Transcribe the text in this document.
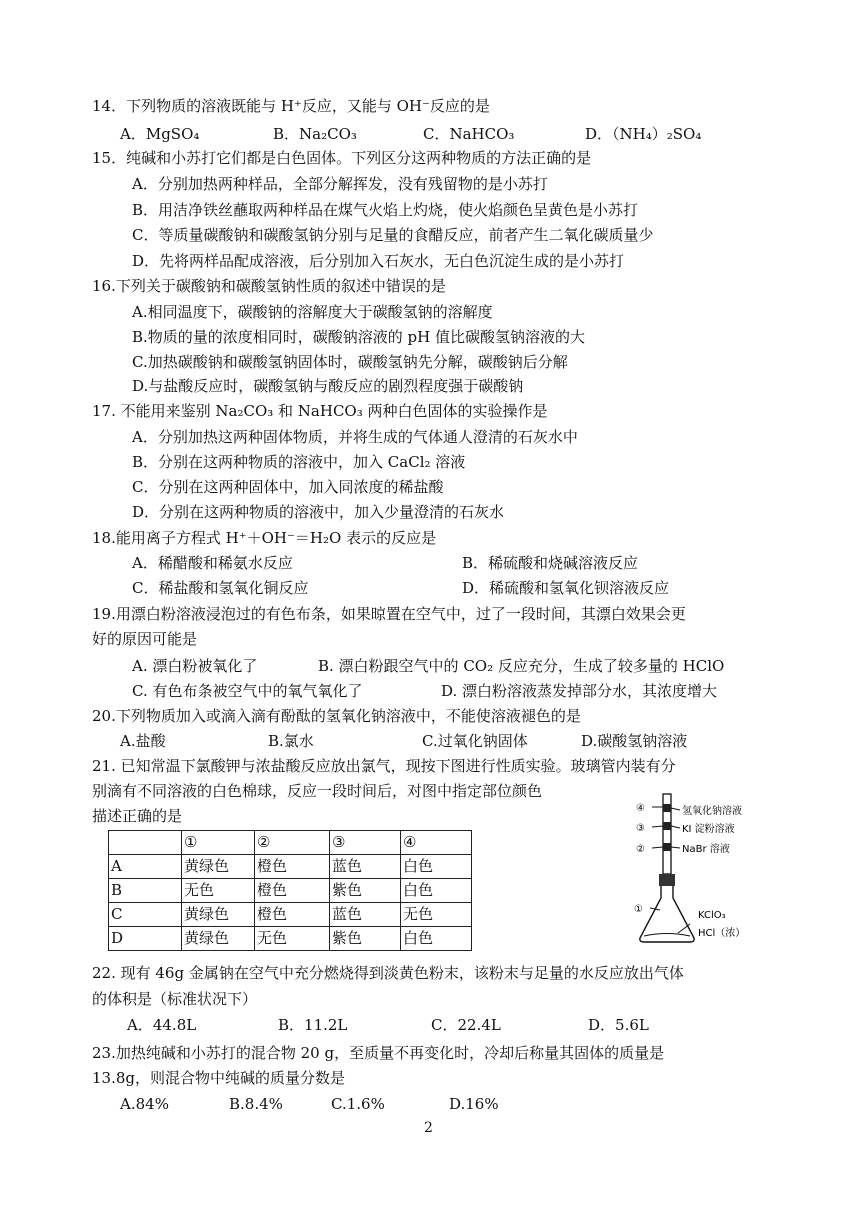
14．下列物质的溶液既能与 H⁺反应，又能与 OH⁻反应的是
A．MgSO₄	B．Na₂CO₃	C．NaHCO₃	D．（NH₄）₂SO₄
15．纯碱和小苏打它们都是白色固体。下列区分这两种物质的方法正确的是
A．分别加热两种样品，全部分解挥发，没有残留物的是小苏打
B．用洁净铁丝蘸取两种样品在煤气火焰上灼烧，使火焰颜色呈黄色是小苏打
C．等质量碳酸钠和碳酸氢钠分别与足量的食醋反应，前者产生二氧化碳质量少
D．先将两样品配成溶液，后分别加入石灰水，无白色沉淀生成的是小苏打
16.下列关于碳酸钠和碳酸氢钠性质的叙述中错误的是
A.相同温度下，碳酸钠的溶解度大于碳酸氢钠的溶解度
B.物质的量的浓度相同时，碳酸钠溶液的 pH 值比碳酸氢钠溶液的大
C.加热碳酸钠和碳酸氢钠固体时，碳酸氢钠先分解，碳酸钠后分解
D.与盐酸反应时，碳酸氢钠与酸反应的剧烈程度强于碳酸钠
17. 不能用来鉴别 Na₂CO₃ 和 NaHCO₃ 两种白色固体的实验操作是
A．分别加热这两种固体物质，并将生成的气体通人澄清的石灰水中
B．分别在这两种物质的溶液中，加入 CaCl₂ 溶液
C．分别在这两种固体中，加入同浓度的稀盐酸
D．分别在这两种物质的溶液中，加入少量澄清的石灰水
18.能用离子方程式 H⁺＋OH⁻＝H₂O 表示的反应是
A．稀醋酸和稀氨水反应	B．稀硫酸和烧碱溶液反应
C．稀盐酸和氢氧化铜反应	D．稀硫酸和氢氧化钡溶液反应
19.用漂白粉溶液浸泡过的有色布条，如果晾置在空气中，过了一段时间，其漂白效果会更
好的原因可能是
A. 漂白粉被氧化了	B. 漂白粉跟空气中的 CO₂ 反应充分，生成了较多量的 HClO
C. 有色布条被空气中的氧气氧化了	D. 漂白粉溶液蒸发掉部分水，其浓度增大
20.下列物质加入或滴入滴有酚酞的氢氧化钠溶液中，不能使溶液褪色的是
A.盐酸	B.氯水	C.过氧化钠固体	D.碳酸氢钠溶液
21. 已知常温下氯酸钾与浓盐酸反应放出氯气，现按下图进行性质实验。玻璃管内装有分
别滴有不同溶液的白色棉球，反应一段时间后，对图中指定部位颜色
描述正确的是
	①	②	③	④
A	黄绿色	橙色	蓝色	白色
B	无色	橙色	紫色	白色
C	黄绿色	橙色	蓝色	无色
D	黄绿色	无色	紫色	白色
④
③
②
①
氢氧化钠溶液
KI 淀粉溶液
NaBr 溶液
KClO₃
HCl（浓）
22. 现有 46g 金属钠在空气中充分燃烧得到淡黄色粉末，该粉末与足量的水反应放出气体
的体积是（标准状况下）
A．44.8L	B．11.2L	C．22.4L	D．5.6L
23.加热纯碱和小苏打的混合物 20 g，至质量不再变化时，冷却后称量其固体的质量是
13.8g，则混合物中纯碱的质量分数是
A.84%	B.8.4%	C.1.6%	D.16%
2
